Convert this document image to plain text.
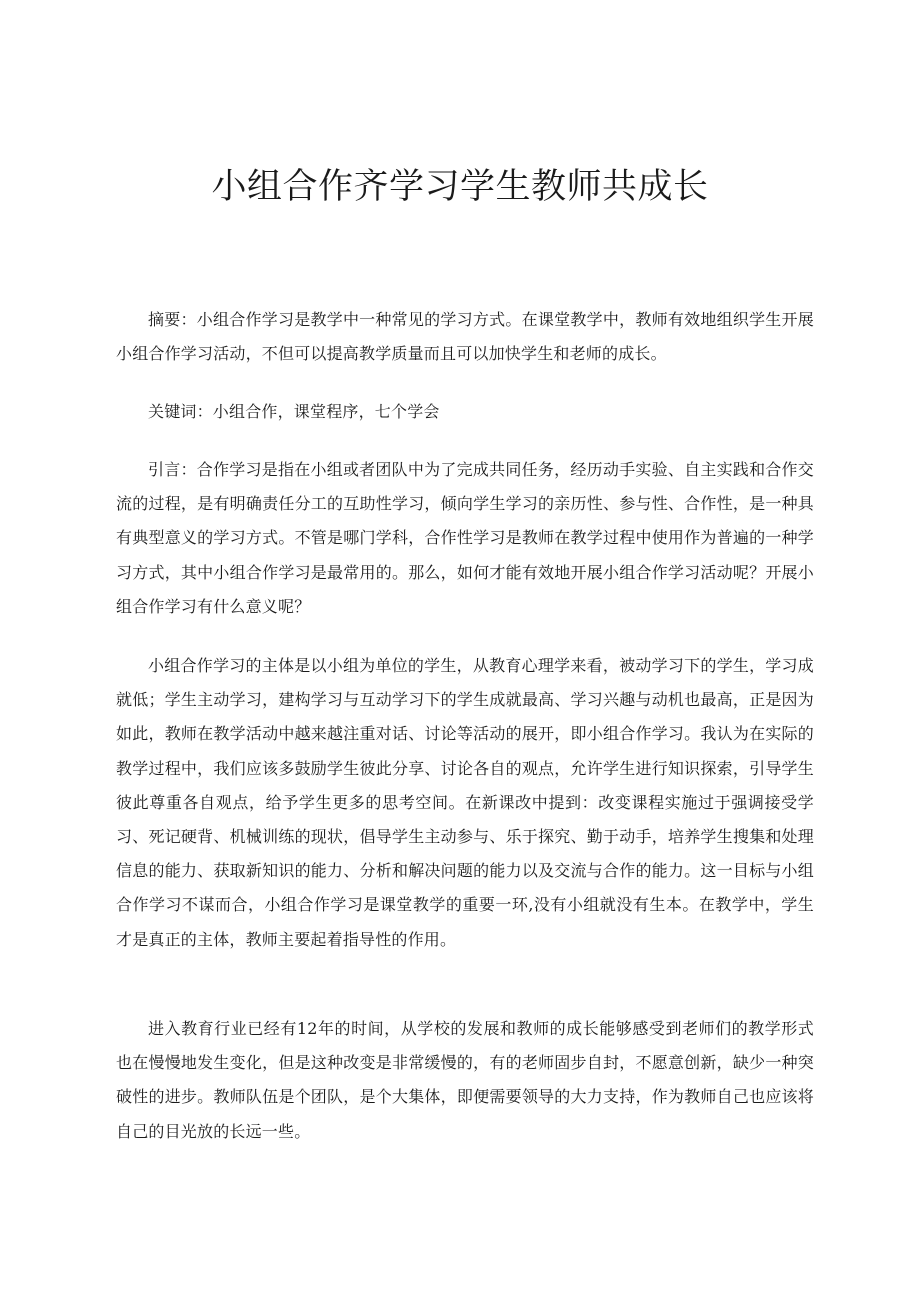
小组合作齐学习学生教师共成长

摘要：小组合作学习是教学中一种常见的学习方式。在课堂教学中，教师有效地组织学生开展小组合作学习活动，不但可以提高教学质量而且可以加快学生和老师的成长。

关键词：小组合作，课堂程序，七个学会

引言：合作学习是指在小组或者团队中为了完成共同任务，经历动手实验、自主实践和合作交流的过程，是有明确责任分工的互助性学习，倾向学生学习的亲历性、参与性、合作性，是一种具有典型意义的学习方式。不管是哪门学科，合作性学习是教师在教学过程中使用作为普遍的一种学习方式，其中小组合作学习是最常用的。那么，如何才能有效地开展小组合作学习活动呢？开展小组合作学习有什么意义呢？

小组合作学习的主体是以小组为单位的学生，从教育心理学来看，被动学习下的学生，学习成就低；学生主动学习，建构学习与互动学习下的学生成就最高、学习兴趣与动机也最高，正是因为如此，教师在教学活动中越来越注重对话、讨论等活动的展开，即小组合作学习。我认为在实际的教学过程中，我们应该多鼓励学生彼此分享、讨论各自的观点，允许学生进行知识探索，引导学生彼此尊重各自观点，给予学生更多的思考空间。在新课改中提到：改变课程实施过于强调接受学习、死记硬背、机械训练的现状，倡导学生主动参与、乐于探究、勤于动手，培养学生搜集和处理信息的能力、获取新知识的能力、分析和解决问题的能力以及交流与合作的能力。这一目标与小组合作学习不谋而合，小组合作学习是课堂教学的重要一环,没有小组就没有生本。在教学中，学生才是真正的主体，教师主要起着指导性的作用。

进入教育行业已经有12年的时间，从学校的发展和教师的成长能够感受到老师们的教学形式也在慢慢地发生变化，但是这种改变是非常缓慢的，有的老师固步自封，不愿意创新，缺少一种突破性的进步。教师队伍是个团队，是个大集体，即便需要领导的大力支持，作为教师自己也应该将自己的目光放的长远一些。
